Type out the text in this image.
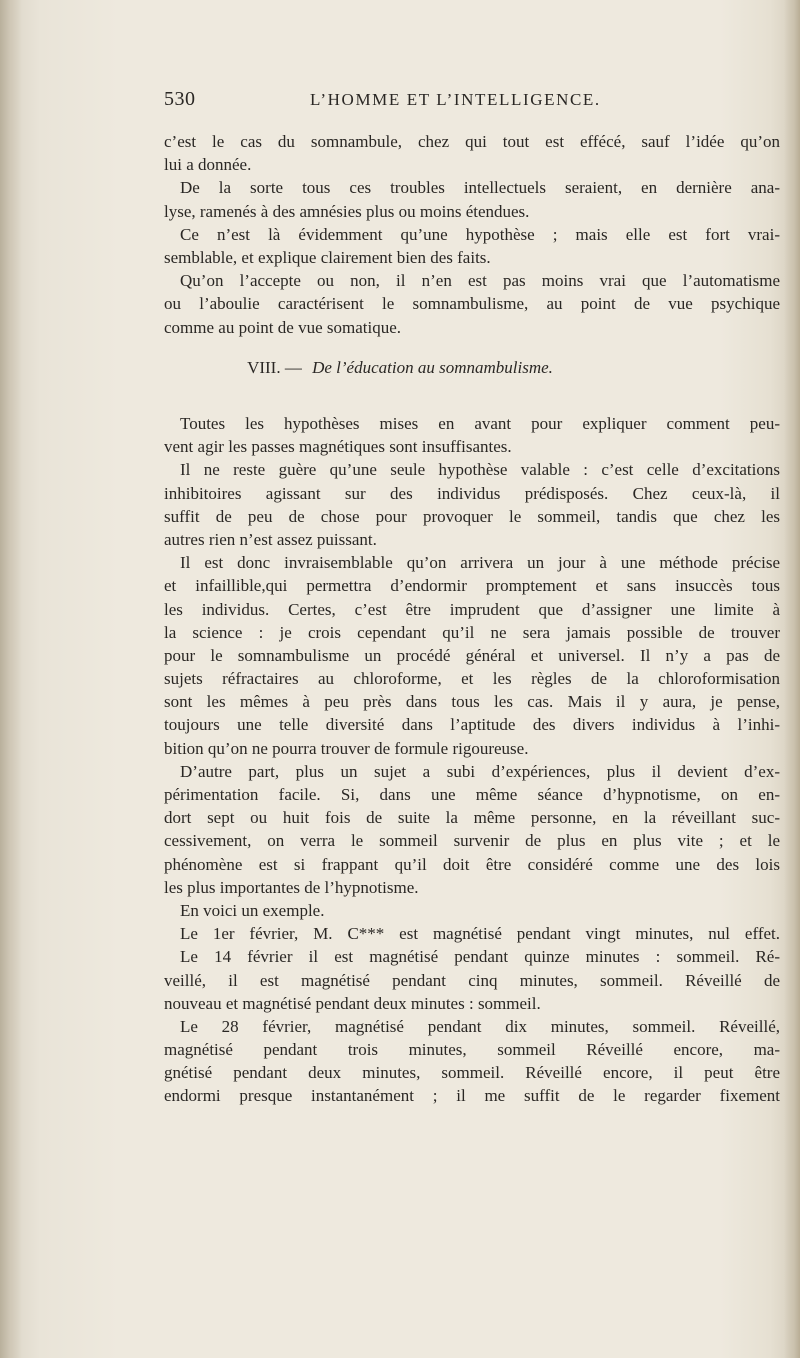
530	L’HOMME ET L’INTELLIGENCE.
c’est le cas du somnambule, chez qui tout est effécé, sauf l’idée qu’on
lui a donnée.
De la sorte tous ces troubles intellectuels seraient, en dernière ana-
lyse, ramenés à des amnésies plus ou moins étendues.
Ce n’est là évidemment qu’une hypothèse ; mais elle est fort vrai-
semblable, et explique clairement bien des faits.
Qu’on l’accepte ou non, il n’en est pas moins vrai que l’automatisme
ou l’aboulie caractérisent le somnambulisme, au point de vue psychique
comme au point de vue somatique.
VIII. — De l’éducation au somnambulisme.
Toutes les hypothèses mises en avant pour expliquer comment peu-
vent agir les passes magnétiques sont insuffisantes.
Il ne reste guère qu’une seule hypothèse valable : c’est celle d’excitations
inhibitoires agissant sur des individus prédisposés. Chez ceux-là, il
suffit de peu de chose pour provoquer le sommeil, tandis que chez les
autres rien n’est assez puissant.
Il est donc invraisemblable qu’on arrivera un jour à une méthode précise
et infaillible,qui permettra d’endormir promptement et sans insuccès tous
les individus. Certes, c’est être imprudent que d’assigner une limite à
la science : je crois cependant qu’il ne sera jamais possible de trouver
pour le somnambulisme un procédé général et universel. Il n’y a pas de
sujets réfractaires au chloroforme, et les règles de la chloroformisation
sont les mêmes à peu près dans tous les cas. Mais il y aura, je pense,
toujours une telle diversité dans l’aptitude des divers individus à l’inhi-
bition qu’on ne pourra trouver de formule rigoureuse.
D’autre part, plus un sujet a subi d’expériences, plus il devient d’ex-
périmentation facile. Si, dans une même séance d’hypnotisme, on en-
dort sept ou huit fois de suite la même personne, en la réveillant suc-
cessivement, on verra le sommeil survenir de plus en plus vite ; et le
phénomène est si frappant qu’il doit être considéré comme une des lois
les plus importantes de l’hypnotisme.
En voici un exemple.
Le 1er février, M. C*** est magnétisé pendant vingt minutes, nul effet.
Le 14 février il est magnétisé pendant quinze minutes : sommeil. Ré-
veillé, il est magnétisé pendant cinq minutes, sommeil. Réveillé de
nouveau et magnétisé pendant deux minutes : sommeil.
Le 28 février, magnétisé pendant dix minutes, sommeil. Réveillé,
magnétisé pendant trois minutes, sommeil Réveillé encore, ma-
gnétisé pendant deux minutes, sommeil. Réveillé encore, il peut être
endormi presque instantanément ; il me suffit de le regarder fixement
